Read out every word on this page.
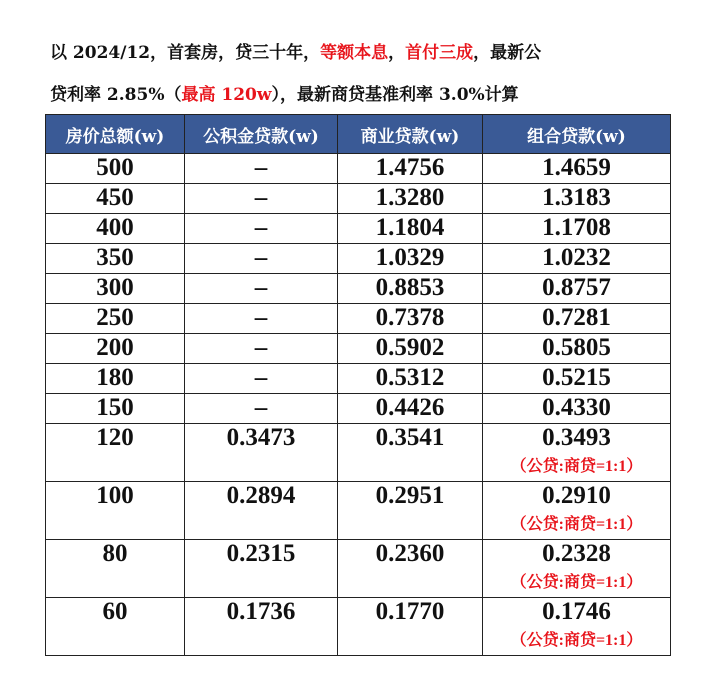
以 2024/12，首套房，贷三十年，等额本息，首付三成，最新公
贷利率 2.85%（最高 120w），最新商贷基准利率 3.0%计算
房价总额(w)	公积金贷款(w)	商业贷款(w)	组合贷款(w)
500	–	1.4756	1.4659
450	–	1.3280	1.3183
400	–	1.1804	1.1708
350	–	1.0329	1.0232
300	–	0.8853	0.8757
250	–	0.7378	0.7281
200	–	0.5902	0.5805
180	–	0.5312	0.5215
150	–	0.4426	0.4330
120	0.3473	0.3541	0.3493
（公贷:商贷=1:1）

100	0.2894	0.2951	0.2910
（公贷:商贷=1:1）

80	0.2315	0.2360	0.2328
（公贷:商贷=1:1）

60	0.1736	0.1770	0.1746
（公贷:商贷=1:1）
